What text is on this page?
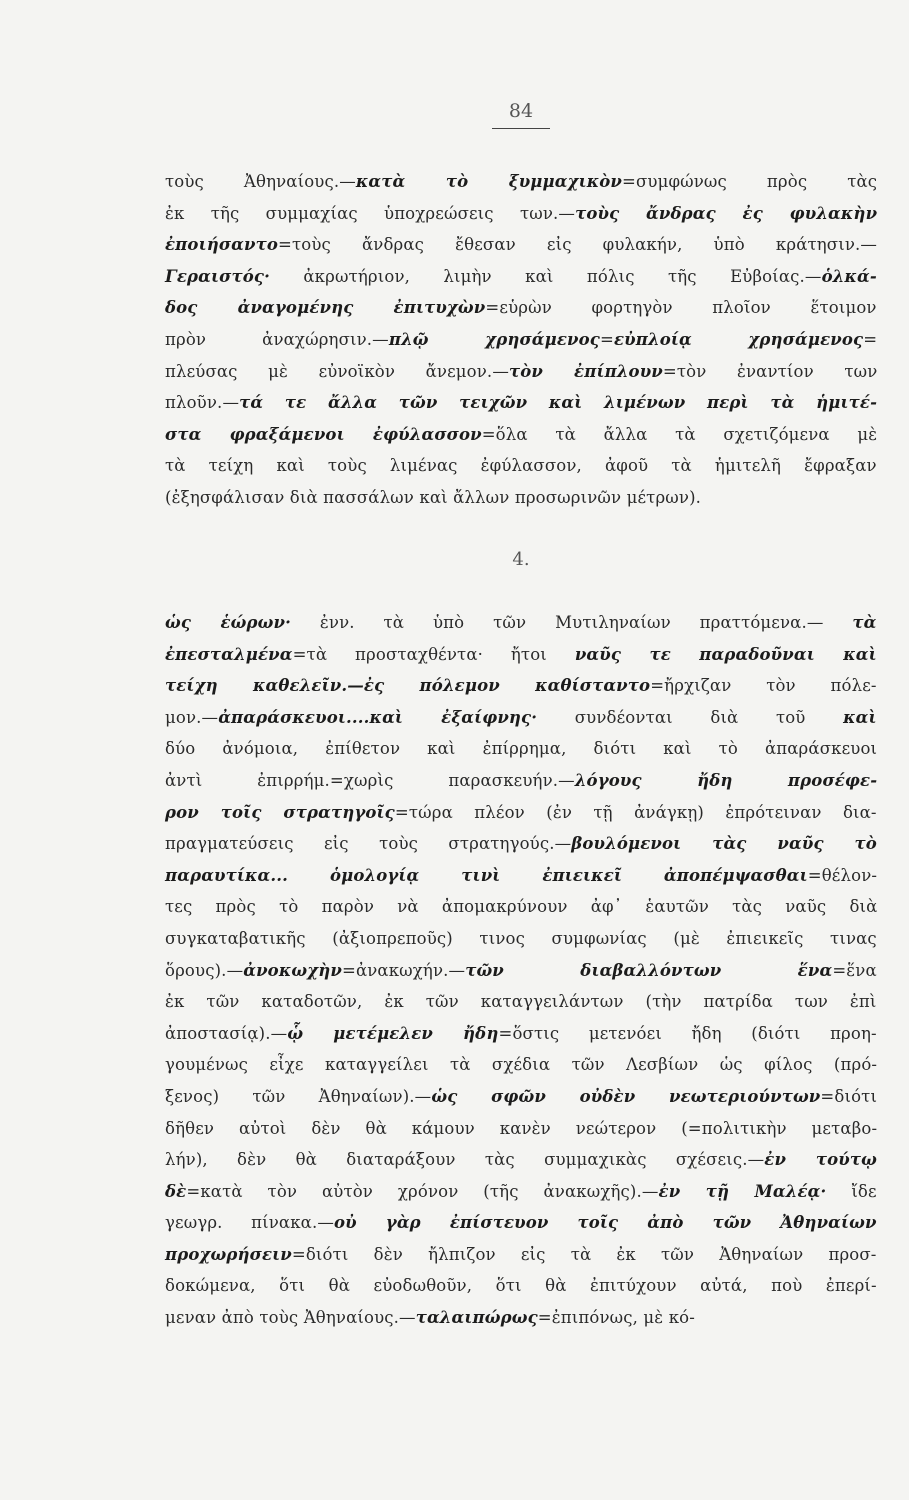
84
τοὺς Ἀθηναίους.—κατὰ τὸ ξυμμαχικὸν=συμφώνως πρὸς τὰς
ἐκ τῆς συμμαχίας ὑποχρεώσεις των.—τοὺς ἄνδρας ἐς φυλακὴν
ἐποιήσαντο=τοὺς ἄνδρας ἔθεσαν εἰς φυλακήν, ὑπὸ κράτησιν.—
Γεραιστός· ἀκρωτήριον, λιμὴν καὶ πόλις τῆς Εὐβοίας.—ὁλκά-
δος ἀναγομένης ἐπιτυχὼν=εὑρὼν φορτηγὸν πλοῖον ἕτοιμον
πρὸν ἀναχώρησιν.—πλῷ χρησάμενος=εὐπλοίᾳ χρησάμενος=
πλεύσας μὲ εὐνοϊκὸν ἄνεμον.—τὸν ἐπίπλουν=τὸν ἐναντίον των
πλοῦν.—τά τε ἄλλα τῶν τειχῶν καὶ λιμένων περὶ τὰ ἡμιτέ-
στα φραξάμενοι ἐφύλασσον=ὅλα τὰ ἄλλα τὰ σχετιζόμενα μὲ
τὰ τείχη καὶ τοὺς λιμένας ἐφύλασσον, ἀφοῦ τὰ ἡμιτελῆ ἔφραξαν
(ἐξησφάλισαν διὰ πασσάλων καὶ ἄλλων προσωρινῶν μέτρων).
4.
ὡς ἑώρων· ἐνν. τὰ ὑπὸ τῶν Μυτιληναίων πραττόμενα.— τὰ
ἐπεσταλμένα=τὰ προσταχθέντα· ἤτοι ναῦς τε παραδοῦναι καὶ
τείχη καθελεῖν.—ἐς πόλεμον καθίσταντο=ἤρχιζαν τὸν πόλε-
μον.—ἀπαράσκευοι....καὶ ἐξαίφνης· συνδέονται διὰ τοῦ καὶ
δύο ἀνόμοια, ἐπίθετον καὶ ἐπίρρημα, διότι καὶ τὸ ἀπαράσκευοι
ἀντὶ ἐπιρρήμ.=χωρὶς παρασκευήν.—λόγους ἤδη προσέφε-
ρον τοῖς στρατηγοῖς=τώρα πλέον (ἐν τῇ ἀνάγκῃ) ἐπρότειναν δια-
πραγματεύσεις εἰς τοὺς στρατηγούς.—βουλόμενοι τὰς ναῦς τὸ
παραυτίκα... ὁμολογίᾳ τινὶ ἐπιεικεῖ ἀποπέμψασθαι=θέλον-
τες πρὸς τὸ παρὸν νὰ ἀπομακρύνουν ἀφ᾽ ἑαυτῶν τὰς ναῦς διὰ
συγκαταβατικῆς (ἀξιοπρεποῦς) τινος συμφωνίας (μὲ ἐπιεικεῖς τινας
ὅρους).—ἀνοκωχὴν=ἀνακωχήν.—τῶν διαβαλλόντων ἕνα=ἕνα
ἐκ τῶν καταδοτῶν, ἐκ τῶν καταγγειλάντων (τὴν πατρίδα των ἐπὶ
ἀποστασίᾳ).—ᾧ μετέμελεν ἤδη=ὅστις μετενόει ἤδη (διότι προη-
γουμένως εἶχε καταγγείλει τὰ σχέδια τῶν Λεσβίων ὡς φίλος (πρό-
ξενος) τῶν Ἀθηναίων).—ὡς σφῶν οὐδὲν νεωτεριούντων=διότι
δῆθεν αὐτοὶ δὲν θὰ κάμουν κανὲν νεώτερον (=πολιτικὴν μεταβο-
λήν), δὲν θὰ διαταράξουν τὰς συμμαχικὰς σχέσεις.—ἐν τούτῳ
δὲ=κατὰ τὸν αὐτὸν χρόνον (τῆς ἀνακωχῆς).—ἐν τῇ Μαλέᾳ· ἴδε
γεωγρ. πίνακα.—οὐ γὰρ ἐπίστευον τοῖς ἀπὸ τῶν Ἀθηναίων
προχωρήσειν=διότι δὲν ἤλπιζον εἰς τὰ ἐκ τῶν Ἀθηναίων προσ-
δοκώμενα, ὅτι θὰ εὐοδωθοῦν, ὅτι θὰ ἐπιτύχουν αὐτά, ποὺ ἐπερί-
μεναν ἀπὸ τοὺς Ἀθηναίους.—ταλαιπώρως=ἐπιπόνως, μὲ κό-
